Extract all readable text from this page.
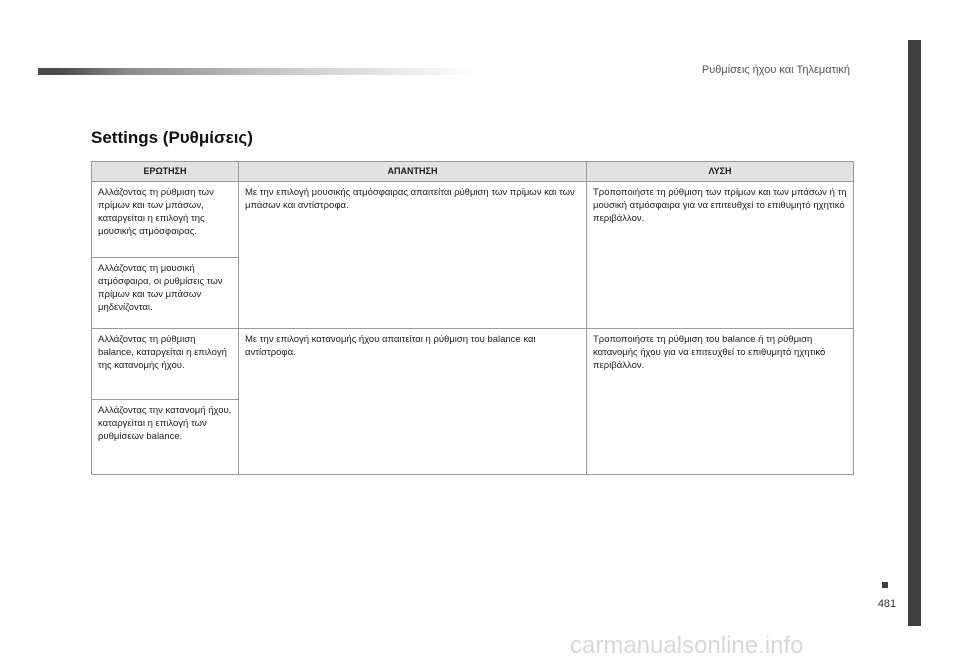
Ρυθμίσεις ήχου και Τηλεματική
Settings (Ρυθμίσεις)
ΕΡΩΤΗΣΗ	ΑΠΑΝΤΗΣΗ	ΛΥΣΗ
Αλλάζοντας τη ρύθμιση των πρίμων και των μπάσων, καταργείται η επιλογή της μουσικής ατμόσφαιρας.	Με την επιλογή μουσικής ατμόσφαιρας απαιτείται ρύθμιση των πρίμων και των μπάσων και αντίστροφα.	Τροποποιήστε τη ρύθμιση των πρίμων και των μπάσων ή τη μουσική ατμόσφαιρα για να επιτευθχεί το επιθυμητό ηχητικό περιβάλλον.
Αλλάζοντας τη μουσική ατμόσφαιρα, οι ρυθμίσεις των πρίμων και των μπάσων μηδενίζονται.		
Αλλάζοντας τη ρύθμιση balance, καταργείται η επιλογή της κατανομής ήχου.	Με την επιλογή κατανομής ήχου απαιτείται η ρύθμιση του balance και αντίστροφα.	Τροποποιήστε τη ρύθμιση του balance ή τη ρύθμιση κατανομής ήχου για να επιτευχθεί το επιθυμητό ηχητικό περιβάλλον.
Αλλάζοντας την κατανομή ήχου, καταργείται η επιλογή των ρυθμίσεων balance.		
481
carmanualsonline.info
